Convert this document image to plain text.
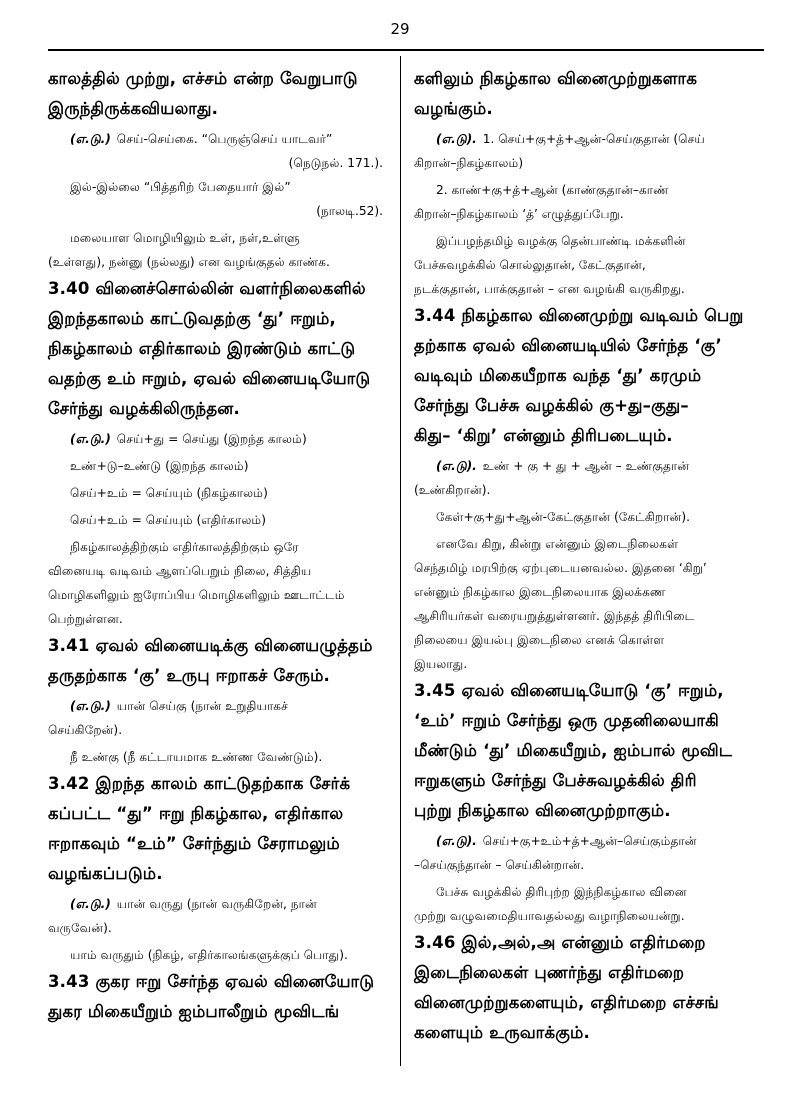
29
காலத்தில் முற்று, எச்சம் என்ற வேறுபாடு
இருந்திருக்கவியலாது.
(எ.டு.) செய்-செய்கை. “பெருஞ்செய் யாடவர்”
(நெடுநல். 171.).
இல்-இல்லை “பித்தரிற் பேதையார் இல்”
(நாலடி.52).
மலையாள மொழியிலும் உள், நள்,உள்ளு
(உள்ளது), நன்னு (நல்லது) என வழங்குதல் காண்க.
3.40 வினைச்சொல்லின் வளர்நிலைகளில்
இறந்தகாலம் காட்டுவதற்கு ‘து’ ஈறும்,
நிகழ்காலம் எதிர்காலம் இரண்டும் காட்டு
வதற்கு உம் ஈறும், ஏவல் வினையடியோடு
சேர்ந்து வழக்கிலிருந்தன.
(எ.டு.) செய்+து = செய்து (இறந்த காலம்)
உண்+டு–உண்டு (இறந்த காலம்)
செய்+உம் = செய்யும் (நிகழ்காலம்)
செய்+உம் = செய்யும் (எதிர்காலம்)
நிகழ்காலத்திற்கும் எதிர்காலத்திற்கும் ஒரே
வினையடி வடிவம் ஆளப்பெறும் நிலை, சித்திய
மொழிகளிலும் ஐரோப்பிய மொழிகளிலும் ஊடாட்டம்
பெற்றுள்ளன.
3.41 ஏவல் வினையடிக்கு வினையழுத்தம்
தருதற்காக ‘கு’ உருபு ஈறாகச் சேரும்.
(எ.டு.) யான் செய்கு (நான் உறுதியாகச்
செய்கிறேன்).
நீ உண்கு (நீ கட்டாயமாக உண்ண வேண்டும்).
3.42 இறந்த காலம் காட்டுதற்காக சேர்க்
கப்பட்ட “து” ஈறு நிகழ்கால, எதிர்கால
ஈறாகவும் “உம்” சேர்ந்தும் சேராமலும்
வழங்கப்படும்.
(எ.டு.) யான் வருது (நான் வருகிறேன், நான்
வருவேன்).
யாம் வருதும் (நிகழ், எதிர்காலங்களுக்குப் பொது).
3.43 குகர ஈறு சேர்ந்த ஏவல் வினையோடு
துகர மிகையீறும் ஐம்பாலீறும் மூவிடங்
களிலும் நிகழ்கால வினைமுற்றுகளாக
வழங்கும்.
(எ.டு). 1. செய்+கு+த்+ஆன்-செய்குதான் (செய்
கிறான்–நிகழ்காலம்)
2. காண்+கு+த்+ஆன் (காண்குதான்–காண்
கிறான்–நிகழ்காலம் ‘த்’ எழுத்துப்பேறு.
இப்பழந்தமிழ் வழக்கு தென்பாண்டி மக்களின்
பேச்சுவழக்கில் சொல்லுதான், கேட்குதான்,
நடக்குதான், பாக்குதான் – என வழங்கி வருகிறது.
3.44 நிகழ்கால வினைமுற்று வடிவம் பெறு
தற்காக ஏவல் வினையடியில் சேர்ந்த ‘கு’
வடிவும் மிகையீறாக வந்த ‘து’ கரமும்
சேர்ந்து பேச்சு வழக்கில் கு+து–குது–
கிது– ‘கிறு’ என்னும் திரிபடையும்.
(எ.டு). உண் + கு + து + ஆன் – உண்குதான்
(உண்கிறான்).
கேள்+கு+து+ஆன்-கேட்குதான் (கேட்கிறான்).
எனவே கிறு, கின்று என்னும் இடைநிலைகள்
செந்தமிழ் மரபிற்கு ஏற்புடையனவல்ல. இதனை ‘கிறு’
என்னும் நிகழ்கால இடைநிலையாக இலக்கண
ஆசிரியர்கள் வரையறுத்துள்ளனர். இந்தத் திரிபிடை
நிலையை இயல்பு இடைநிலை எனக் கொள்ள
இயலாது.
3.45 ஏவல் வினையடியோடு ‘கு’ ஈறும்,
‘உம்’ ஈறும் சேர்ந்து ஒரு முதனிலையாகி
மீண்டும் ‘து’ மிகையீறும், ஐம்பால் மூவிட
ஈறுகளும் சேர்ந்து பேச்சுவழக்கில் திரி
புற்று நிகழ்கால வினைமுற்றாகும்.
(எ.டு). செய்+கு+உம்+த்+ஆன்–செய்கும்தான்
–செய்குந்தான் – செய்கின்றான்.
பேச்சு வழக்கில் திரிபுற்ற இந்நிகழ்கால வினை
முற்று வழுவமைதியாவதல்லது வழாநிலையன்று.
3.46 இல்,அல்,அ என்னும் எதிர்மறை
இடைநிலைகள் புணர்ந்து எதிர்மறை
வினைமுற்றுகளையும், எதிர்மறை எச்சங்
களையும் உருவாக்கும்.
